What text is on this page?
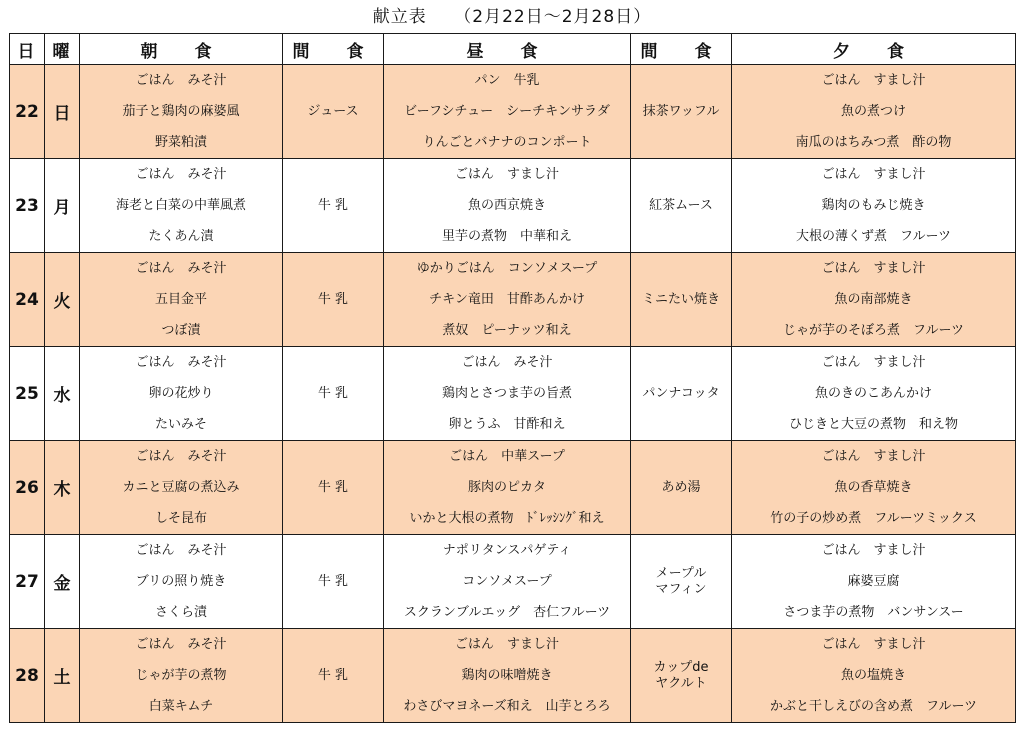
献立表　　（2月22日～2月28日）
日	曜	朝　食	間　食	昼　食	間　食	夕　食
22	日	ごはん　みそ汁
茄子と鶏肉の麻婆風
野菜粕漬	ジュース	パン　牛乳
ビーフシチュー　シーチキンサラダ
りんごとバナナのコンポート	抹茶ワッフル	ごはん　すまし汁
魚の煮つけ
南瓜のはちみつ煮　酢の物

23	月	ごはん　みそ汁
海老と白菜の中華風煮
たくあん漬	牛 乳	ごはん　すまし汁
魚の西京焼き
里芋の煮物　中華和え	紅茶ムース	ごはん　すまし汁
鶏肉のもみじ焼き
大根の薄くず煮　フルーツ

24	火	ごはん　みそ汁
五目金平
つぼ漬	牛 乳	ゆかりごはん　コンソメスープ
チキン竜田　甘酢あんかけ
煮奴　ピーナッツ和え	ミニたい焼き	ごはん　すまし汁
魚の南部焼き
じゃが芋のそぼろ煮　フルーツ

25	水	ごはん　みそ汁
卵の花炒り
たいみそ	牛 乳	ごはん　みそ汁
鶏肉とさつま芋の旨煮
卵とうふ　甘酢和え	パンナコッタ	ごはん　すまし汁
魚のきのこあんかけ
ひじきと大豆の煮物　和え物

26	木	ごはん　みそ汁
カニと豆腐の煮込み
しそ昆布	牛 乳	ごはん　中華スープ
豚肉のピカタ
いかと大根の煮物　ﾄﾞﾚｯｼﾝｸﾞ和え	あめ湯	ごはん　すまし汁
魚の香草焼き
竹の子の炒め煮　フルーツミックス

27	金	ごはん　みそ汁
ブリの照り焼き
さくら漬	牛 乳	ナポリタンスパゲティ
コンソメスープ
スクランブルエッグ　杏仁フルーツ	メープル
マフィン	ごはん　すまし汁
麻婆豆腐
さつま芋の煮物　バンサンスー

28	土	ごはん　みそ汁
じゃが芋の煮物
白菜キムチ	牛 乳	ごはん　すまし汁
鶏肉の味噌焼き
わさびマヨネーズ和え　山芋とろろ	カップde
ヤクルト	ごはん　すまし汁
魚の塩焼き
かぶと干しえびの含め煮　フルーツ
